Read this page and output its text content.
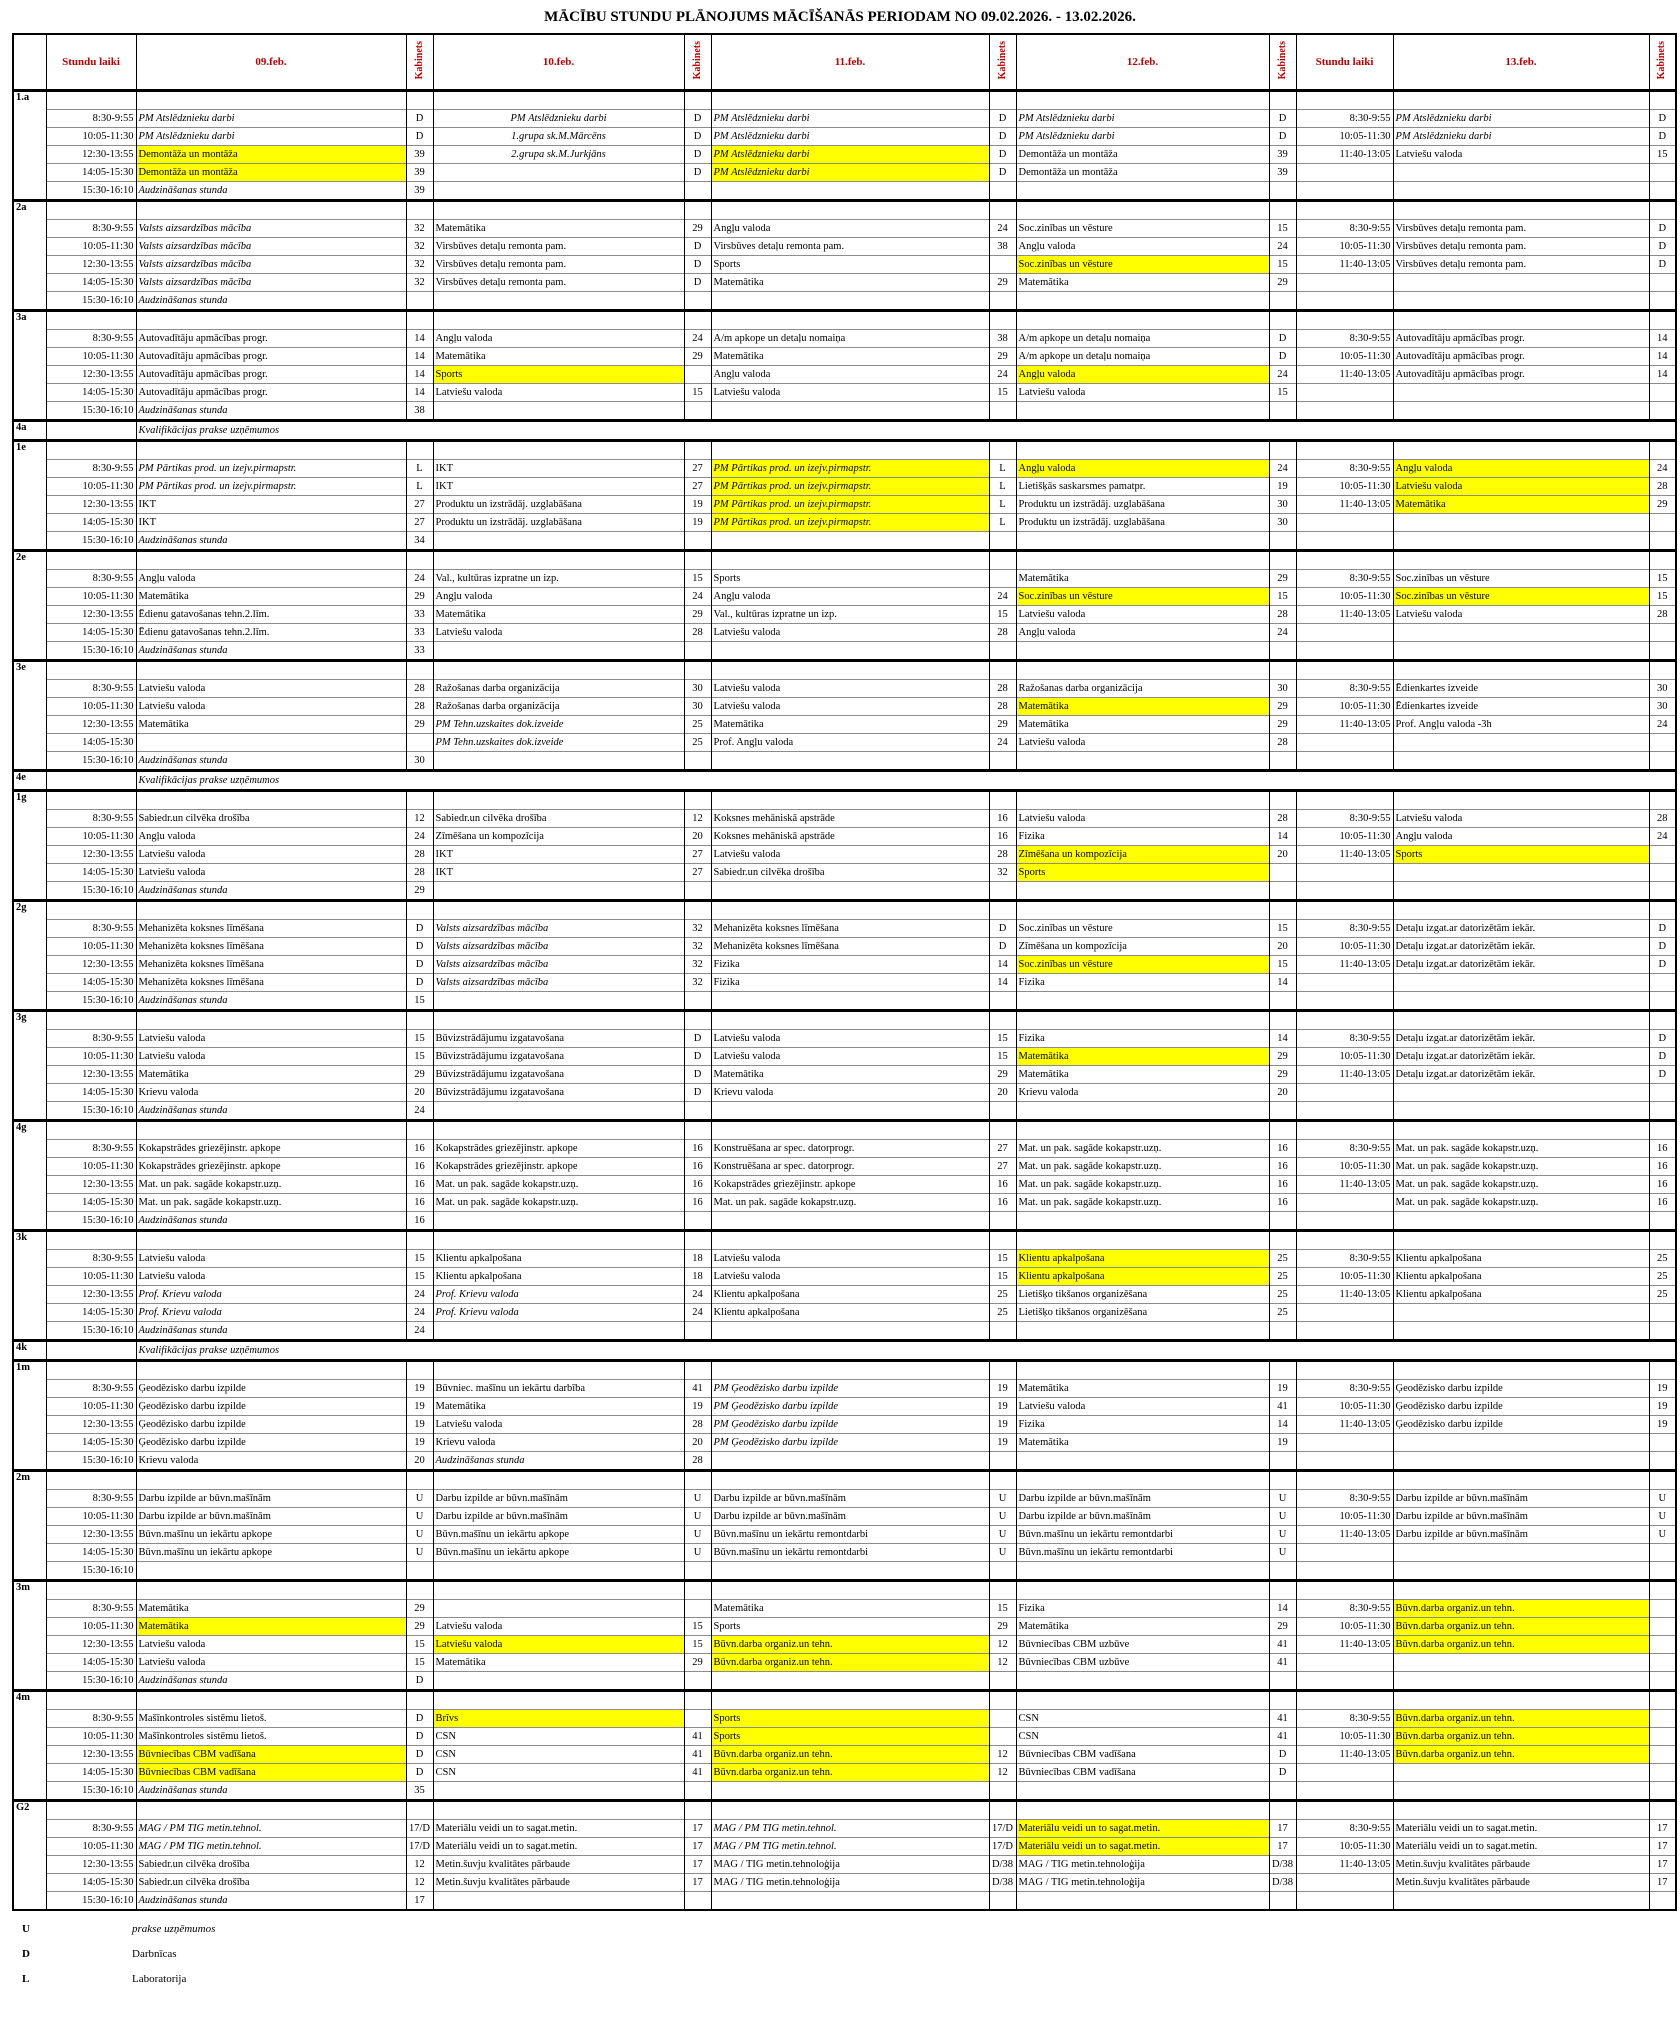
MĀCĪBU STUNDU PLĀNOJUMS MĀCĪŠANĀS PERIODAM NO 09.02.2026. - 13.02.2026.
	Stundu laiki	09.feb.	Kabinets	10.feb.	Kabinets	11.feb.	Kabinets	12.feb.	Kabinets	Stundu laiki	13.feb.	Kabinets
1.a												
	8:30-9:55	PM Atslēdznieku darbi	D	PM Atslēdznieku darbi	D	PM Atslēdznieku darbi	D	PM Atslēdznieku darbi	D	8:30-9:55	PM Atslēdznieku darbi	D
	10:05-11:30	PM Atslēdznieku darbi	D	1.grupa sk.M.Mārcēns	D	PM Atslēdznieku darbi	D	PM Atslēdznieku darbi	D	10:05-11:30	PM Atslēdznieku darbi	D
	12:30-13:55	Demontāža un montāža	39	2.grupa sk.M.Jurkjāns	D	PM Atslēdznieku darbi	D	Demontāža un montāža	39	11:40-13:05	Latviešu valoda	15
	14:05-15:30	Demontāža un montāža	39		D	PM Atslēdznieku darbi	D	Demontāža un montāža	39			
	15:30-16:10	Audzināšanas stunda	39									
2a												
	8:30-9:55	Valsts aizsardzības mācība	32	Matemātika	29	Angļu valoda	24	Soc.zinības un vēsture	15	8:30-9:55	Virsbūves detaļu remonta pam.	D
	10:05-11:30	Valsts aizsardzības mācība	32	Virsbūves detaļu remonta pam.	D	Virsbūves detaļu remonta pam.	38	Angļu valoda	24	10:05-11:30	Virsbūves detaļu remonta pam.	D
	12:30-13:55	Valsts aizsardzības mācība	32	Virsbūves detaļu remonta pam.	D	Sports		Soc.zinības un vēsture	15	11:40-13:05	Virsbūves detaļu remonta pam.	D
	14:05-15:30	Valsts aizsardzības mācība	32	Virsbūves detaļu remonta pam.	D	Matemātika	29	Matemātika	29			
	15:30-16:10	Audzināšanas stunda										
3a												
	8:30-9:55	Autovadītāju apmācības progr.	14	Angļu valoda	24	A/m apkope un detaļu nomaiņa	38	A/m apkope un detaļu nomaiņa	D	8:30-9:55	Autovadītāju apmācības progr.	14
	10:05-11:30	Autovadītāju apmācības progr.	14	Matemātika	29	Matemātika	29	A/m apkope un detaļu nomaiņa	D	10:05-11:30	Autovadītāju apmācības progr.	14
	12:30-13:55	Autovadītāju apmācības progr.	14	Sports		Angļu valoda	24	Angļu valoda	24	11:40-13:05	Autovadītāju apmācības progr.	14
	14:05-15:30	Autovadītāju apmācības progr.	14	Latviešu valoda	15	Latviešu valoda	15	Latviešu valoda	15			
	15:30-16:10	Audzināšanas stunda	38									
4a		Kvalifikācijas prakse uzņēmumos										
1e												
	8:30-9:55	PM Pārtikas prod. un izejv.pirmapstr.	L	IKT	27	PM Pārtikas prod. un izejv.pirmapstr.	L	Angļu valoda	24	8:30-9:55	Angļu valoda	24
	10:05-11:30	PM Pārtikas prod. un izejv.pirmapstr.	L	IKT	27	PM Pārtikas prod. un izejv.pirmapstr.	L	Lietišķās saskarsmes pamatpr.	19	10:05-11:30	Latviešu valoda	28
	12:30-13:55	IKT	27	Produktu un izstrādāj. uzglabāšana	19	PM Pārtikas prod. un izejv.pirmapstr.	L	Produktu un izstrādāj. uzglabāšana	30	11:40-13:05	Matemātika	29
	14:05-15:30	IKT	27	Produktu un izstrādāj. uzglabāšana	19	PM Pārtikas prod. un izejv.pirmapstr.	L	Produktu un izstrādāj. uzglabāšana	30			
	15:30-16:10	Audzināšanas stunda	34									
2e												
	8:30-9:55	Angļu valoda	24	Val., kultūras izpratne un izp.	15	Sports		Matemātika	29	8:30-9:55	Soc.zinības un vēsture	15
	10:05-11:30	Matemātika	29	Angļu valoda	24	Angļu valoda	24	Soc.zinības un vēsture	15	10:05-11:30	Soc.zinības un vēsture	15
	12:30-13:55	Ēdienu gatavošanas tehn.2.līm.	33	Matemātika	29	Val., kultūras izpratne un izp.	15	Latviešu valoda	28	11:40-13:05	Latviešu valoda	28
	14:05-15:30	Ēdienu gatavošanas tehn.2.līm.	33	Latviešu valoda	28	Latviešu valoda	28	Angļu valoda	24			
	15:30-16:10	Audzināšanas stunda	33									
3e												
	8:30-9:55	Latviešu valoda	28	Ražošanas darba organizācija	30	Latviešu valoda	28	Ražošanas darba organizācija	30	8:30-9:55	Ēdienkartes izveide	30
	10:05-11:30	Latviešu valoda	28	Ražošanas darba organizācija	30	Latviešu valoda	28	Matemātika	29	10:05-11:30	Ēdienkartes izveide	30
	12:30-13:55	Matemātika	29	PM Tehn.uzskaites dok.izveide	25	Matemātika	29	Matemātika	29	11:40-13:05	Prof. Angļu valoda -3h	24
	14:05-15:30			PM Tehn.uzskaites dok.izveide	25	Prof. Angļu valoda	24	Latviešu valoda	28			
	15:30-16:10	Audzināšanas stunda	30									
4e		Kvalifikācijas prakse uzņēmumos										
1g												
	8:30-9:55	Sabiedr.un cilvēka drošība	12	Sabiedr.un cilvēka drošība	12	Koksnes mehāniskā apstrāde	16	Latviešu valoda	28	8:30-9:55	Latviešu valoda	28
	10:05-11:30	Angļu valoda	24	Zīmēšana un kompozīcija	20	Koksnes mehāniskā apstrāde	16	Fizika	14	10:05-11:30	Angļu valoda	24
	12:30-13:55	Latviešu valoda	28	IKT	27	Latviešu valoda	28	Zīmēšana un kompozīcija	20	11:40-13:05	Sports	
	14:05-15:30	Latviešu valoda	28	IKT	27	Sabiedr.un cilvēka drošība	32	Sports				
	15:30-16:10	Audzināšanas stunda	29									
2g												
	8:30-9:55	Mehanizēta koksnes līmēšana	D	Valsts aizsardzības mācība	32	Mehanizēta koksnes līmēšana	D	Soc.zinības un vēsture	15	8:30-9:55	Detaļu izgat.ar datorizētām iekār.	D
	10:05-11:30	Mehanizēta koksnes līmēšana	D	Valsts aizsardzības mācība	32	Mehanizēta koksnes līmēšana	D	Zīmēšana un kompozīcija	20	10:05-11:30	Detaļu izgat.ar datorizētām iekār.	D
	12:30-13:55	Mehanizēta koksnes līmēšana	D	Valsts aizsardzības mācība	32	Fizika	14	Soc.zinības un vēsture	15	11:40-13:05	Detaļu izgat.ar datorizētām iekār.	D
	14:05-15:30	Mehanizēta koksnes līmēšana	D	Valsts aizsardzības mācība	32	Fizika	14	Fizika	14			
	15:30-16:10	Audzināšanas stunda	15									
3g												
	8:30-9:55	Latviešu valoda	15	Būvizstrādājumu izgatavošana	D	Latviešu valoda	15	Fizika	14	8:30-9:55	Detaļu izgat.ar datorizētām iekār.	D
	10:05-11:30	Latviešu valoda	15	Būvizstrādājumu izgatavošana	D	Latviešu valoda	15	Matemātika	29	10:05-11:30	Detaļu izgat.ar datorizētām iekār.	D
	12:30-13:55	Matemātika	29	Būvizstrādājumu izgatavošana	D	Matemātika	29	Matemātika	29	11:40-13:05	Detaļu izgat.ar datorizētām iekār.	D
	14:05-15:30	Krievu valoda	20	Būvizstrādājumu izgatavošana	D	Krievu valoda	20	Krievu valoda	20			
	15:30-16:10	Audzināšanas stunda	24									
4g												
	8:30-9:55	Kokapstrādes griezējinstr. apkope	16	Kokapstrādes griezējinstr. apkope	16	Konstruēšana ar spec. datorprogr.	27	Mat. un pak. sagāde kokapstr.uzņ.	16	8:30-9:55	Mat. un pak. sagāde kokapstr.uzņ.	16
	10:05-11:30	Kokapstrādes griezējinstr. apkope	16	Kokapstrādes griezējinstr. apkope	16	Konstruēšana ar spec. datorprogr.	27	Mat. un pak. sagāde kokapstr.uzņ.	16	10:05-11:30	Mat. un pak. sagāde kokapstr.uzņ.	16
	12:30-13:55	Mat. un pak. sagāde kokapstr.uzņ.	16	Mat. un pak. sagāde kokapstr.uzņ.	16	Kokapstrādes griezējinstr. apkope	16	Mat. un pak. sagāde kokapstr.uzņ.	16	11:40-13:05	Mat. un pak. sagāde kokapstr.uzņ.	16
	14:05-15:30	Mat. un pak. sagāde kokapstr.uzņ.	16	Mat. un pak. sagāde kokapstr.uzņ.	16	Mat. un pak. sagāde kokapstr.uzņ.	16	Mat. un pak. sagāde kokapstr.uzņ.	16		Mat. un pak. sagāde kokapstr.uzņ.	16
	15:30-16:10	Audzināšanas stunda	16									
3k												
	8:30-9:55	Latviešu valoda	15	Klientu apkalpošana	18	Latviešu valoda	15	Klientu apkalpošana	25	8:30-9:55	Klientu apkalpošana	25
	10:05-11:30	Latviešu valoda	15	Klientu apkalpošana	18	Latviešu valoda	15	Klientu apkalpošana	25	10:05-11:30	Klientu apkalpošana	25
	12:30-13:55	Prof. Krievu valoda	24	Prof. Krievu valoda	24	Klientu apkalpošana	25	Lietišķo tikšanos organizēšana	25	11:40-13:05	Klientu apkalpošana	25
	14:05-15:30	Prof. Krievu valoda	24	Prof. Krievu valoda	24	Klientu apkalpošana	25	Lietišķo tikšanos organizēšana	25			
	15:30-16:10	Audzināšanas stunda	24									
4k		Kvalifikācijas prakse uzņēmumos										
1m												
	8:30-9:55	Ģeodēzisko darbu izpilde	19	Būvniec. mašīnu un iekārtu darbība	41	PM Ģeodēzisko darbu izpilde	19	Matemātika	19	8:30-9:55	Ģeodēzisko darbu izpilde	19
	10:05-11:30	Ģeodēzisko darbu izpilde	19	Matemātika	19	PM Ģeodēzisko darbu izpilde	19	Latviešu valoda	41	10:05-11:30	Ģeodēzisko darbu izpilde	19
	12:30-13:55	Ģeodēzisko darbu izpilde	19	Latviešu valoda	28	PM Ģeodēzisko darbu izpilde	19	Fizika	14	11:40-13:05	Ģeodēzisko darbu izpilde	19
	14:05-15:30	Ģeodēzisko darbu izpilde	19	Krievu valoda	20	PM Ģeodēzisko darbu izpilde	19	Matemātika	19			
	15:30-16:10	Krievu valoda	20	Audzināšanas stunda	28							
2m												
	8:30-9:55	Darbu izpilde ar būvn.mašīnām	U	Darbu izpilde ar būvn.mašīnām	U	Darbu izpilde ar būvn.mašīnām	U	Darbu izpilde ar būvn.mašīnām	U	8:30-9:55	Darbu izpilde ar būvn.mašīnām	U
	10:05-11:30	Darbu izpilde ar būvn.mašīnām	U	Darbu izpilde ar būvn.mašīnām	U	Darbu izpilde ar būvn.mašīnām	U	Darbu izpilde ar būvn.mašīnām	U	10:05-11:30	Darbu izpilde ar būvn.mašīnām	U
	12:30-13:55	Būvn.mašīnu un iekārtu apkope	U	Būvn.mašīnu un iekārtu apkope	U	Būvn.mašīnu un iekārtu remontdarbi	U	Būvn.mašīnu un iekārtu remontdarbi	U	11:40-13:05	Darbu izpilde ar būvn.mašīnām	U
	14:05-15:30	Būvn.mašīnu un iekārtu apkope	U	Būvn.mašīnu un iekārtu apkope	U	Būvn.mašīnu un iekārtu remontdarbi	U	Būvn.mašīnu un iekārtu remontdarbi	U			
	15:30-16:10											
3m												
	8:30-9:55	Matemātika	29			Matemātika	15	Fizika	14	8:30-9:55	Būvn.darba organiz.un tehn.	
	10:05-11:30	Matemātika	29	Latviešu valoda	15	Sports	29	Matemātika	29	10:05-11:30	Būvn.darba organiz.un tehn.	
	12:30-13:55	Latviešu valoda	15	Latviešu valoda	15	Būvn.darba organiz.un tehn.	12	Būvniecības CBM uzbūve	41	11:40-13:05	Būvn.darba organiz.un tehn.	
	14:05-15:30	Latviešu valoda	15	Matemātika	29	Būvn.darba organiz.un tehn.	12	Būvniecības CBM uzbūve	41			
	15:30-16:10	Audzināšanas stunda	D									
4m												
	8:30-9:55	Mašīnkontroles sistēmu lietoš.	D	Brīvs		Sports		CSN	41	8:30-9:55	Būvn.darba organiz.un tehn.	
	10:05-11:30	Mašīnkontroles sistēmu lietoš.	D	CSN	41	Sports		CSN	41	10:05-11:30	Būvn.darba organiz.un tehn.	
	12:30-13:55	Būvniecības CBM vadīšana	D	CSN	41	Būvn.darba organiz.un tehn.	12	Būvniecības CBM vadīšana	D	11:40-13:05	Būvn.darba organiz.un tehn.	
	14:05-15:30	Būvniecības CBM vadīšana	D	CSN	41	Būvn.darba organiz.un tehn.	12	Būvniecības CBM vadīšana	D			
	15:30-16:10	Audzināšanas stunda	35									
G2												
	8:30-9:55	MAG / PM TIG metin.tehnol.	17/D	Materiālu veidi un to sagat.metin.	17	MAG / PM TIG metin.tehnol.	17/D	Materiālu veidi un to sagat.metin.	17	8:30-9:55	Materiālu veidi un to sagat.metin.	17
	10:05-11:30	MAG / PM TIG metin.tehnol.	17/D	Materiālu veidi un to sagat.metin.	17	MAG / PM TIG metin.tehnol.	17/D	Materiālu veidi un to sagat.metin.	17	10:05-11:30	Materiālu veidi un to sagat.metin.	17
	12:30-13:55	Sabiedr.un cilvēka drošība	12	Metin.šuvju kvalitātes pārbaude	17	MAG / TIG metin.tehnoloģija	D/38	MAG / TIG metin.tehnoloģija	D/38	11:40-13:05	Metin.šuvju kvalitātes pārbaude	17
	14:05-15:30	Sabiedr.un cilvēka drošība	12	Metin.šuvju kvalitātes pārbaude	17	MAG / TIG metin.tehnoloģija	D/38	MAG / TIG metin.tehnoloģija	D/38		Metin.šuvju kvalitātes pārbaude	17
	15:30-16:10	Audzināšanas stunda	17									
U	prakse uzņēmumos
D	Darbnīcas
L	Laboratorija
